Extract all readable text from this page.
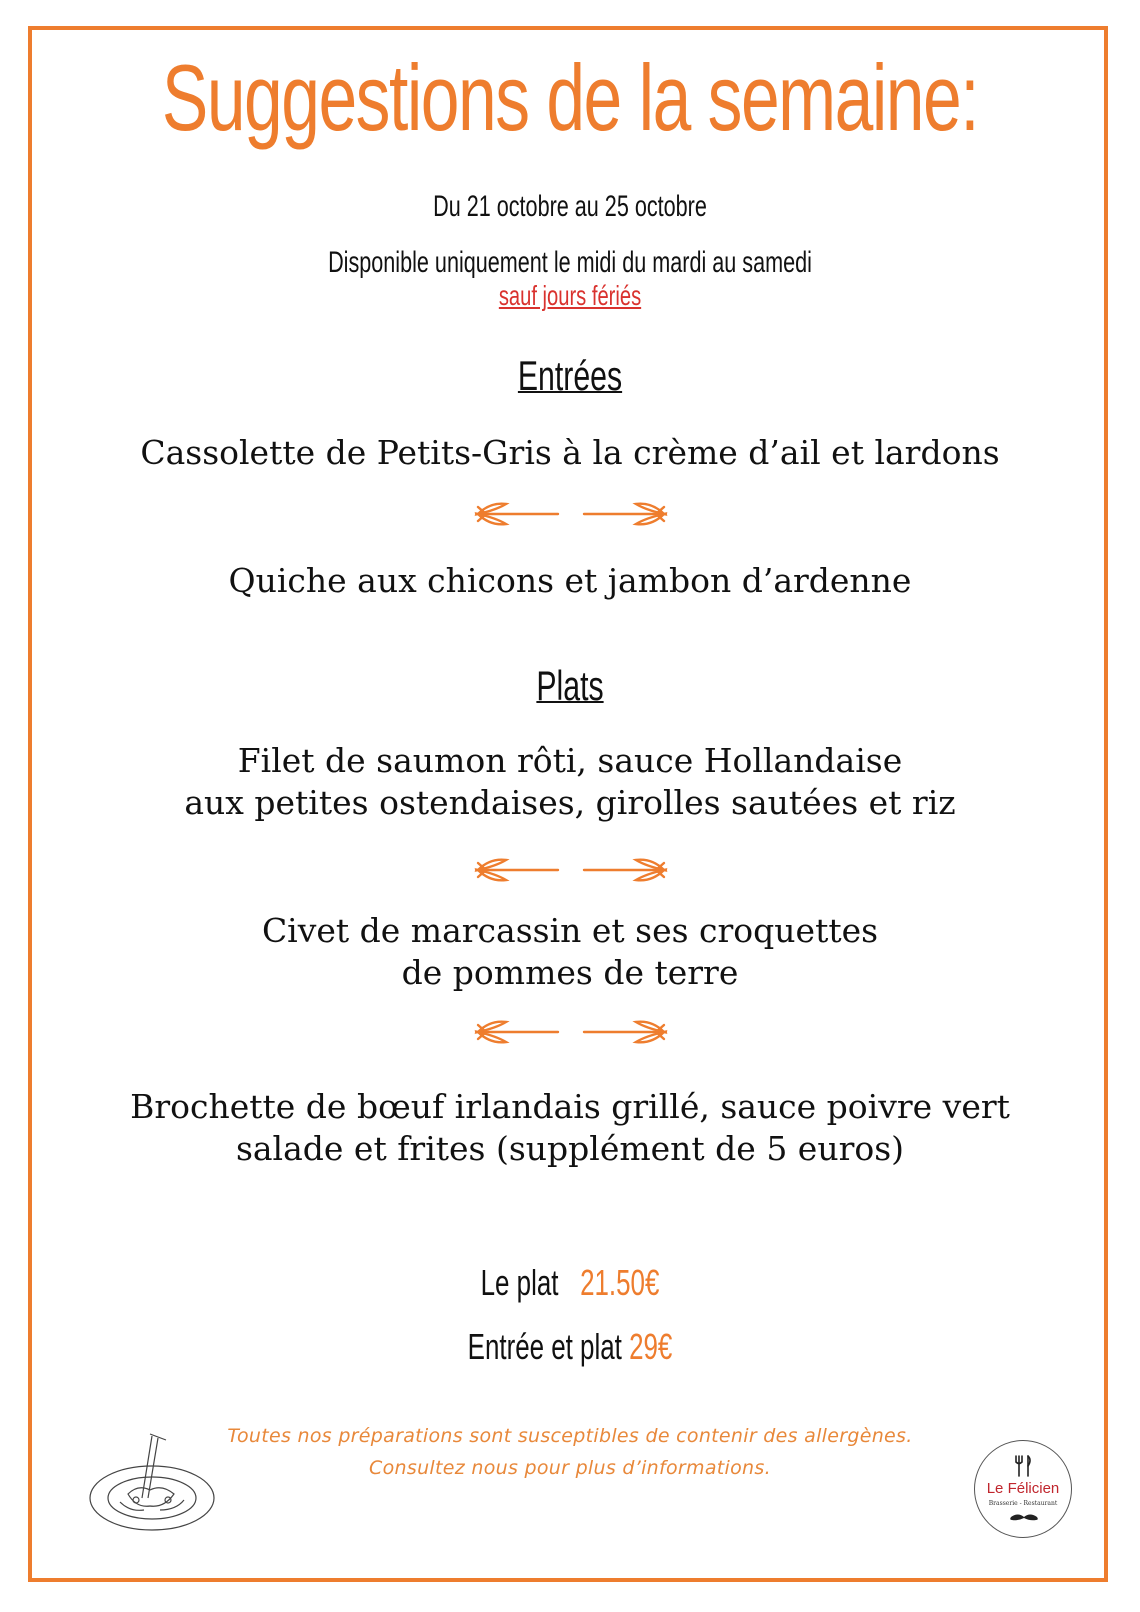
Suggestions de la semaine:
Du 21 octobre au 25 octobre
Disponible uniquement le midi du mardi au samedi
sauf jours fériés
Entrées
Cassolette de Petits-Gris à la crème d’ail et lardons
Quiche aux chicons et jambon d’ardenne
Plats
Filet de saumon rôti, sauce Hollandaise
aux petites ostendaises, girolles sautées et riz
Civet de marcassin et ses croquettes
de pommes de terre
Brochette de bœuf irlandais grillé, sauce poivre vert
salade et frites (supplément de 5 euros)
Le plat 21.50€
Entrée et plat 29€
Toutes nos préparations sont susceptibles de contenir des allergènes.
Consultez nous pour plus d’informations.
Le Félicien
Brasserie - Restaurant
